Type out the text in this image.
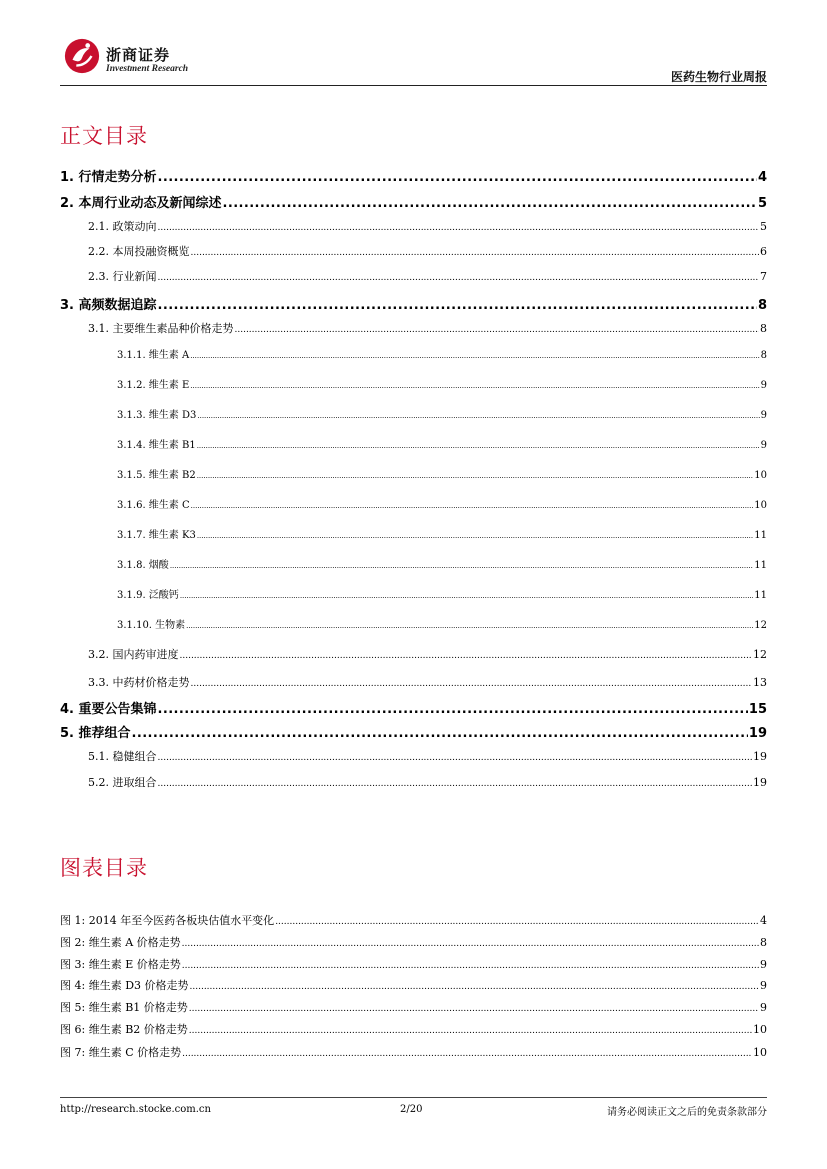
浙商证券
Investment Research
医药生物行业周报
正文目录
1. 行情走势分析 .....	4
2. 本周行业动态及新闻综述 .....	5
2.1. 政策动向 .....	5
2.2. 本周投融资概览 .....	6
2.3. 行业新闻 .....	7
3. 高频数据追踪 .....	8
3.1. 主要维生素品种价格走势 .....	8
3.1.1. 维生素 A .....	8
3.1.2. 维生素 E .....	9
3.1.3. 维生素 D3 .....	9
3.1.4. 维生素 B1 .....	9
3.1.5. 维生素 B2 .....	10
3.1.6. 维生素 C .....	10
3.1.7. 维生素 K3 .....	11
3.1.8. 烟酸 .....	11
3.1.9. 泛酸钙 .....	11
3.1.10. 生物素 .....	12
3.2. 国内药审进度 .....	12
3.3. 中药材价格走势 .....	13
4. 重要公告集锦 .....	15
5. 推荐组合 .....	19
5.1. 稳健组合 .....	19
5.2. 进取组合 .....	19
图表目录
图 1: 2014 年至今医药各板块估值水平变化 .....	4
图 2: 维生素 A 价格走势 .....	8
图 3: 维生素 E 价格走势 .....	9
图 4: 维生素 D3 价格走势 .....	9
图 5: 维生素 B1 价格走势 .....	9
图 6: 维生素 B2 价格走势 .....	10
图 7: 维生素 C 价格走势 .....	10
http://research.stocke.com.cn	2/20	请务必阅读正文之后的免责条款部分
